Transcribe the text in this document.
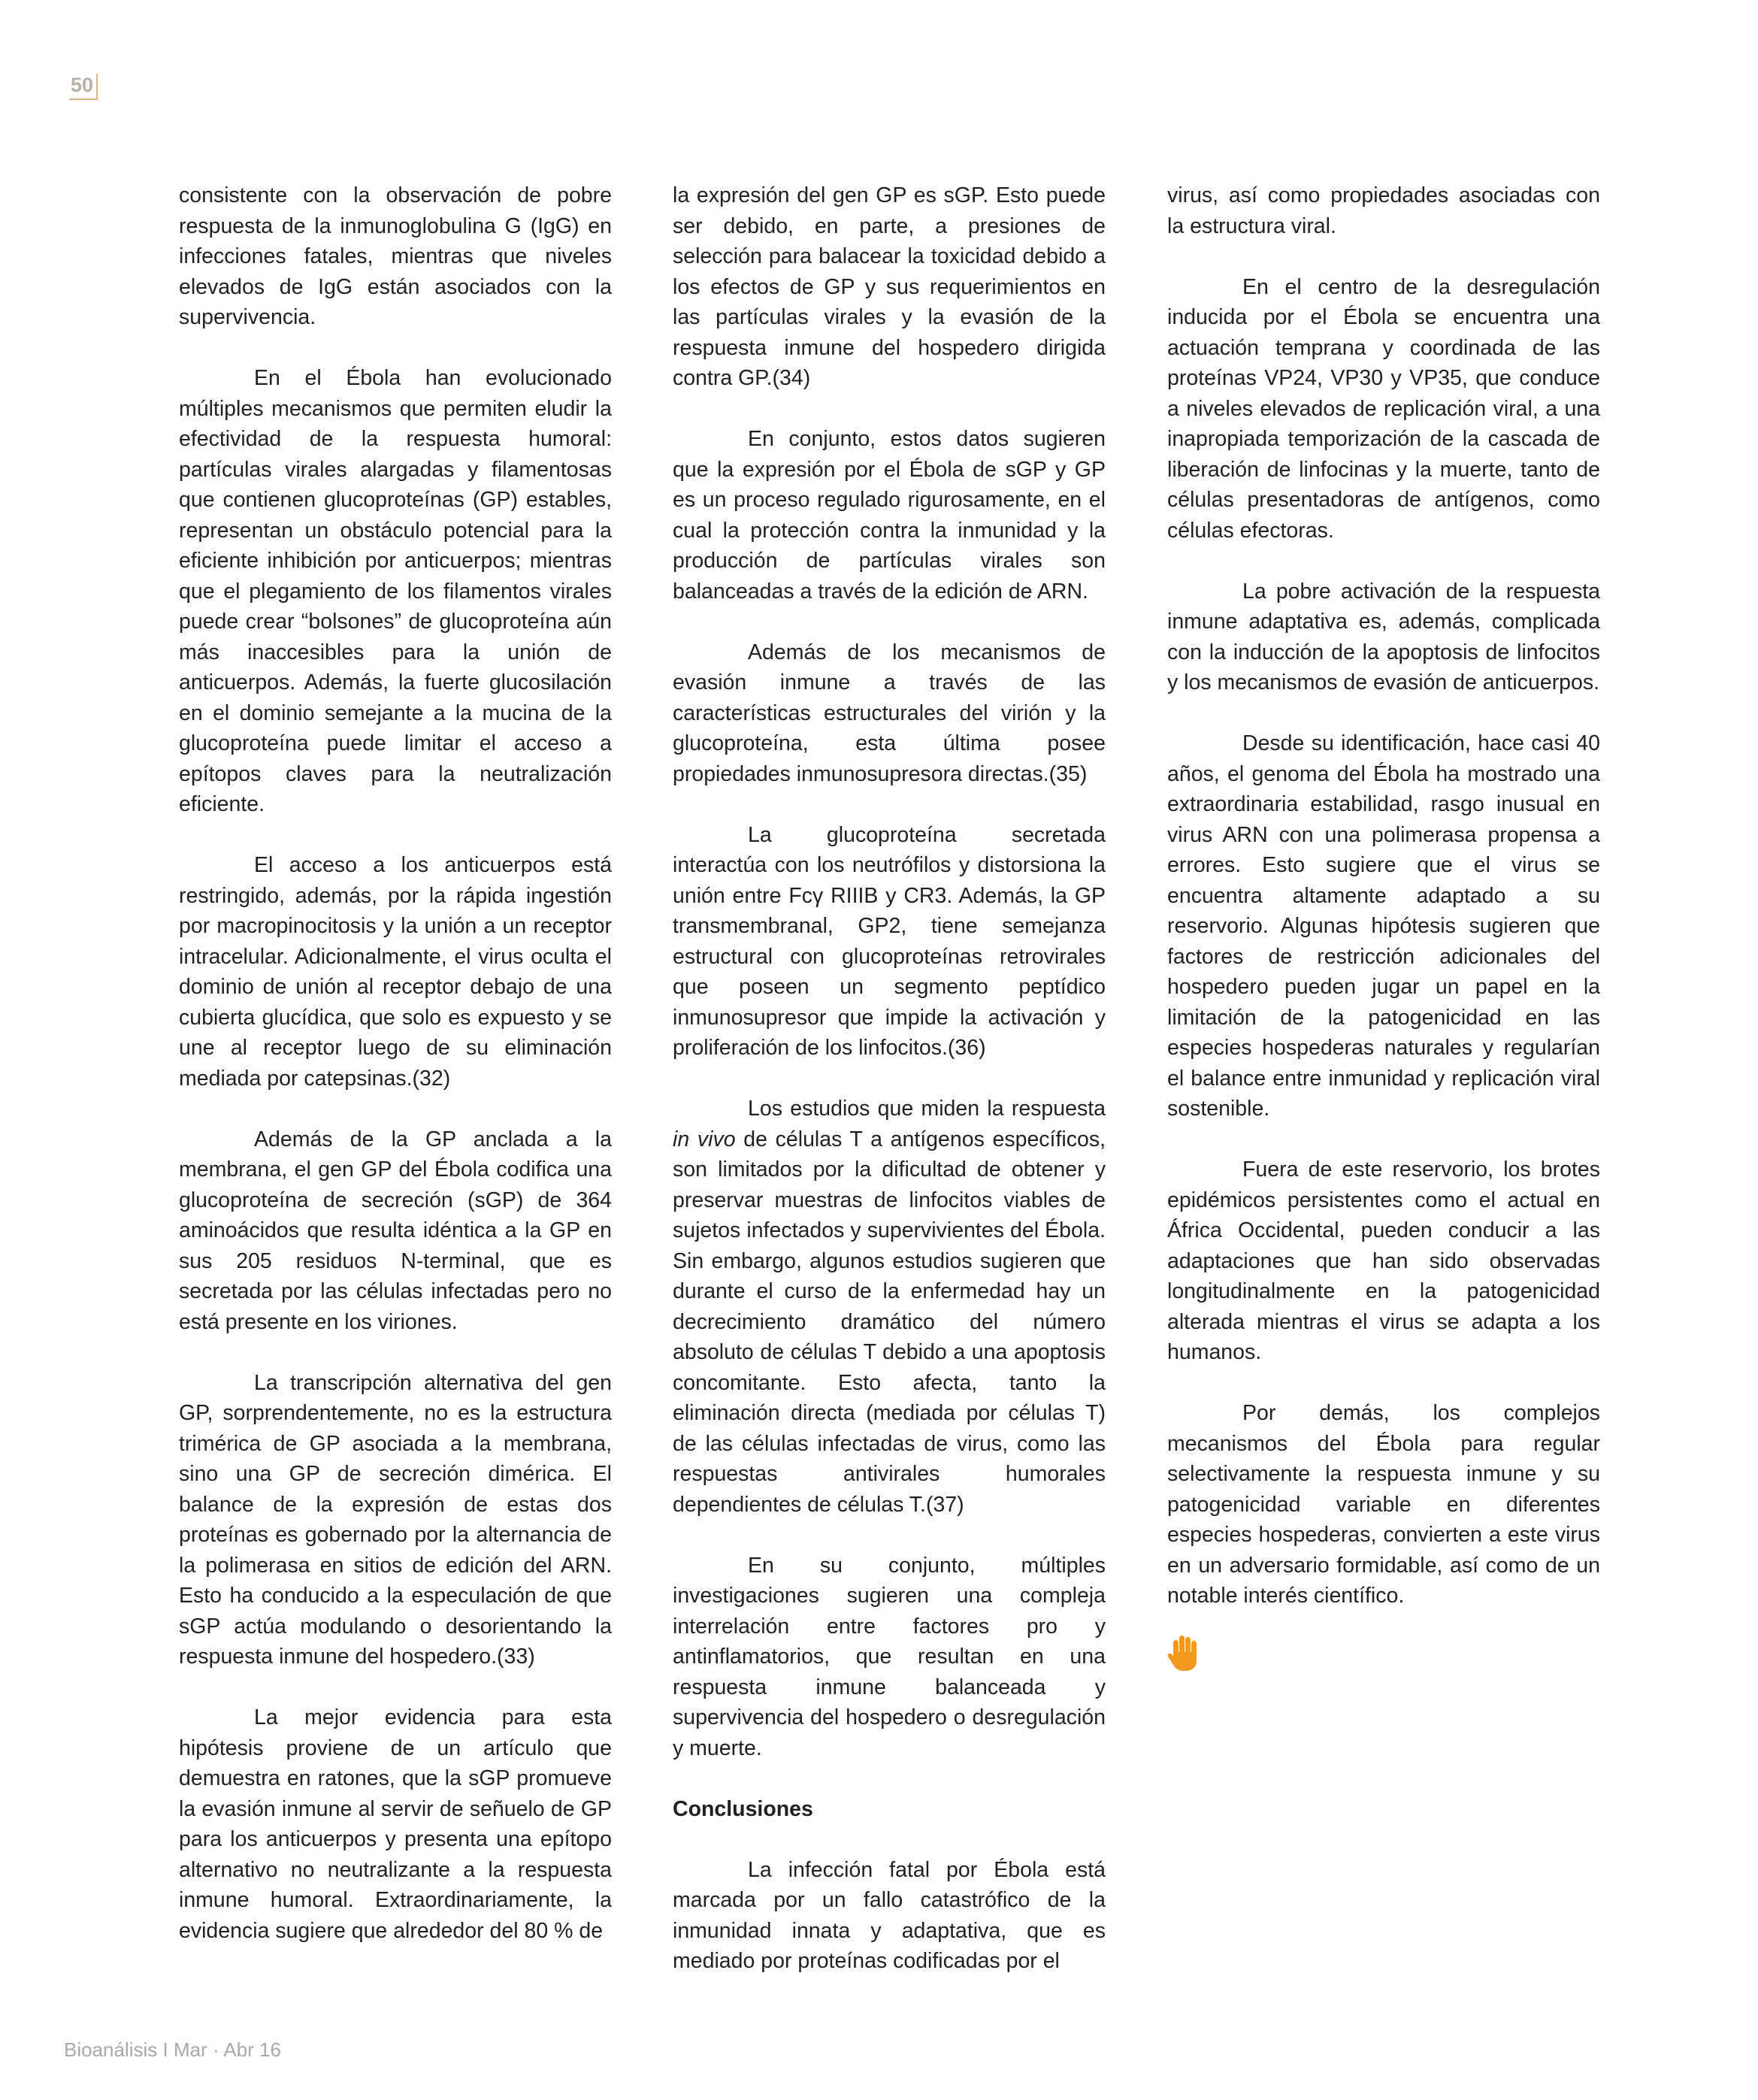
50

consistente con la observación de pobre respuesta de la inmunoglobulina G (IgG) en infecciones fatales, mientras que niveles elevados de IgG están asociados con la supervivencia.

En el Ébola han evolucionado múltiples mecanismos que permiten eludir la efectividad de la respuesta humoral: partículas virales alargadas y filamentosas que contienen glucoproteínas (GP) estables, representan un obstáculo potencial para la eficiente inhibición por anticuerpos; mientras que el plegamiento de los filamentos virales puede crear “bolsones” de glucoproteína aún más inaccesibles para la unión de anticuerpos. Además, la fuerte glucosilación en el dominio semejante a la mucina de la glucoproteína puede limitar el acceso a epítopos claves para la neutralización eficiente.

El acceso a los anticuerpos está restringido, además, por la rápida ingestión por macropinocitosis y la unión a un receptor intracelular. Adicionalmente, el virus oculta el dominio de unión al receptor debajo de una cubierta glucídica, que solo es expuesto y se une al receptor luego de su eliminación mediada por catepsinas.(32)

Además de la GP anclada a la membrana, el gen GP del Ébola codifica una glucoproteína de secreción (sGP) de 364 aminoácidos que resulta idéntica a la GP en sus 205 residuos N-terminal, que es secretada por las células infectadas pero no está presente en los viriones.

La transcripción alternativa del gen GP, sorprendentemente, no es la estructura trimérica de GP asociada a la membrana, sino una GP de secreción dimérica. El balance de la expresión de estas dos proteínas es gobernado por la alternancia de la polimerasa en sitios de edición del ARN. Esto ha conducido a la especulación de que sGP actúa modulando o desorientando la respuesta inmune del hospedero.(33)

La mejor evidencia para esta hipótesis proviene de un artículo que demuestra en ratones, que la sGP promueve la evasión inmune al servir de señuelo de GP para los anticuerpos y presenta una epítopo alternativo no neutralizante a la respuesta inmune humoral. Extraordinariamente, la evidencia sugiere que alrededor del 80 % de

la expresión del gen GP es sGP. Esto puede ser debido, en parte, a presiones de selección para balacear la toxicidad debido a los efectos de GP y sus requerimientos en las partículas virales y la evasión de la respuesta inmune del hospedero dirigida contra GP.(34)

En conjunto, estos datos sugieren que la expresión por el Ébola de sGP y GP es un proceso regulado rigurosamente, en el cual la protección contra la inmunidad y la producción de partículas virales son balanceadas a través de la edición de ARN.

Además de los mecanismos de evasión inmune a través de las características estructurales del virión y la glucoproteína, esta última posee propiedades inmunosupresora directas.(35)

La glucoproteína secretada interactúa con los neutrófilos y distorsiona la unión entre Fcγ RIIIB y CR3. Además, la GP transmembranal, GP2, tiene semejanza estructural con glucoproteínas retrovirales que poseen un segmento peptídico inmunosupresor que impide la activación y proliferación de los linfocitos.(36)

Los estudios que miden la respuesta in vivo de células T a antígenos específicos, son limitados por la dificultad de obtener y preservar muestras de linfocitos viables de sujetos infectados y supervivientes del Ébola. Sin embargo, algunos estudios sugieren que durante el curso de la enfermedad hay un decrecimiento dramático del número absoluto de células T debido a una apoptosis concomitante. Esto afecta, tanto la eliminación directa (mediada por células T) de las células infectadas de virus, como las respuestas antivirales humorales dependientes de células T.(37)

En su conjunto, múltiples investigaciones sugieren una compleja interrelación entre factores pro y antinflamatorios, que resultan en una respuesta inmune balanceada y supervivencia del hospedero o desregulación y muerte.

Conclusiones

La infección fatal por Ébola está marcada por un fallo catastrófico de la inmunidad innata y adaptativa, que es mediado por proteínas codificadas por el

virus, así como propiedades asociadas con la estructura viral.

En el centro de la desregulación inducida por el Ébola se encuentra una actuación temprana y coordinada de las proteínas VP24, VP30 y VP35, que conduce a niveles elevados de replicación viral, a una inapropiada temporización de la cascada de liberación de linfocinas y la muerte, tanto de células presentadoras de antígenos, como células efectoras.

La pobre activación de la respuesta inmune adaptativa es, además, complicada con la inducción de la apoptosis de linfocitos y los mecanismos de evasión de anticuerpos.

Desde su identificación, hace casi 40 años, el genoma del Ébola ha mostrado una extraordinaria estabilidad, rasgo inusual en virus ARN con una polimerasa propensa a errores. Esto sugiere que el virus se encuentra altamente adaptado a su reservorio. Algunas hipótesis sugieren que factores de restricción adicionales del hospedero pueden jugar un papel en la limitación de la patogenicidad en las especies hospederas naturales y regularían el balance entre inmunidad y replicación viral sostenible.

Fuera de este reservorio, los brotes epidémicos persistentes como el actual en África Occidental, pueden conducir a las adaptaciones que han sido observadas longitudinalmente en la patogenicidad alterada mientras el virus se adapta a los humanos.

Por demás, los complejos mecanismos del Ébola para regular selectivamente la respuesta inmune y su patogenicidad variable en diferentes especies hospederas, convierten a este virus en un adversario formidable, así como de un notable interés científico.

Bioanálisis I Mar · Abr 16
